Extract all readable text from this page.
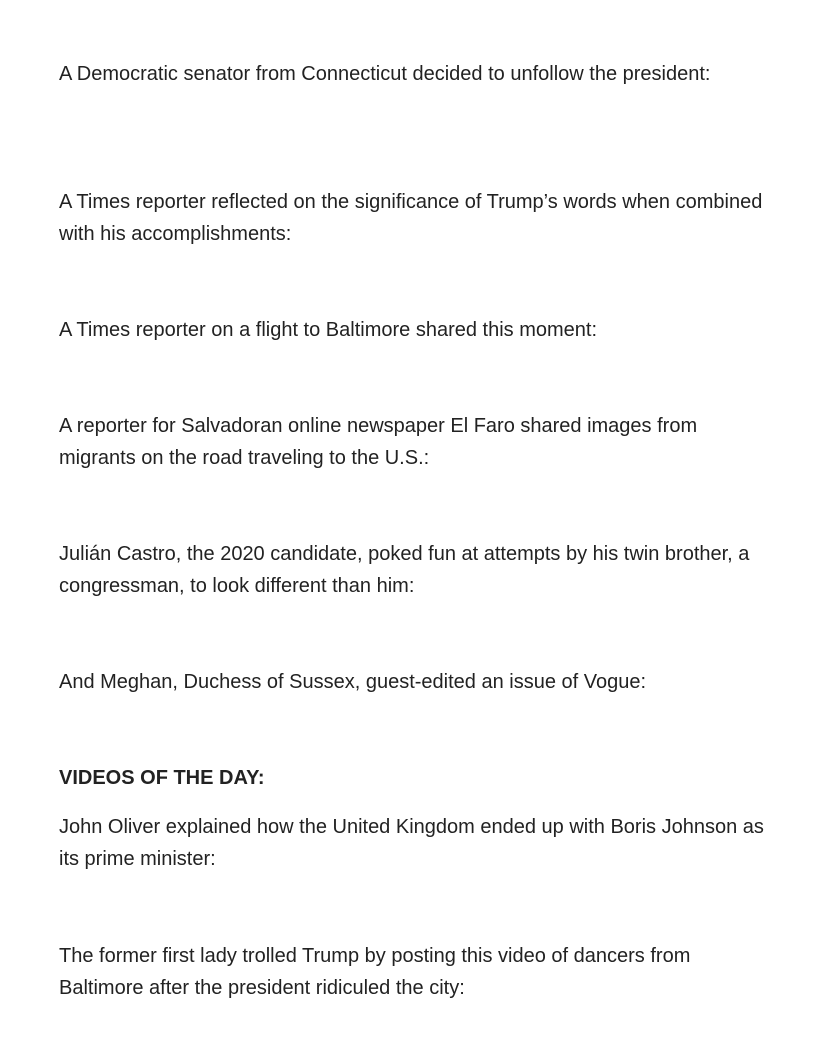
A Democratic senator from Connecticut decided to unfollow the president:

A Times reporter reflected on the significance of Trump’s words when combined with his accomplishments:

A Times reporter on a flight to Baltimore shared this moment:

A reporter for Salvadoran online newspaper El Faro shared images from migrants on the road traveling to the U.S.:

Julián Castro, the 2020 candidate, poked fun at attempts by his twin brother, a congressman, to look different than him:

And Meghan, Duchess of Sussex, guest-edited an issue of Vogue:

VIDEOS OF THE DAY:

John Oliver explained how the United Kingdom ended up with Boris Johnson as its prime minister:

The former first lady trolled Trump by posting this video of dancers from Baltimore after the president ridiculed the city:
